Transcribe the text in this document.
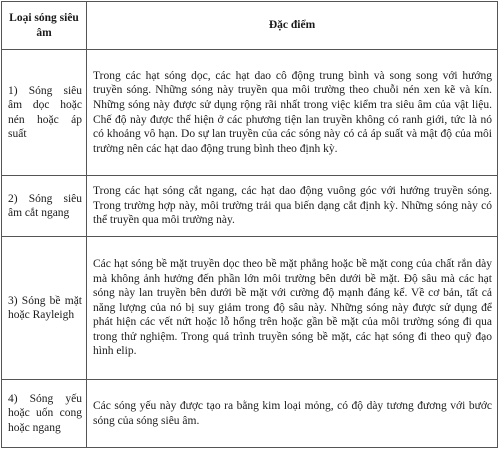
Loại sóng siêu âm	Đặc điểm
1) Sóng siêu âm dọc hoặc nén hoặc áp suất	Trong các hạt sóng dọc, các hạt dao cô động trung bình và song song với hướng truyền sóng. Những sóng này truyền qua môi trường theo chuỗi nén xen kẽ và kín. Những sóng này được sử dụng rộng rãi nhất trong việc kiểm tra siêu âm của vật liệu. Chế độ này được thể hiện ở các phương tiện lan truyền không có ranh giới, tức là nó có khoảng vô hạn. Do sự lan truyền của các sóng này có cả áp suất và mật độ của môi trường nên các hạt dao động trung bình theo định kỳ.
2) Sóng siêu âm cắt ngang	Trong các hạt sóng cắt ngang, các hạt dao động vuông góc với hướng truyền sóng. Trong trường hợp này, môi trường trải qua biến dạng cắt định kỳ. Những sóng này có thể truyền qua môi trường này.
3) Sóng bề mặt hoặc Rayleigh	Các hạt sóng bề mặt truyền dọc theo bề mặt phẳng hoặc bề mặt cong của chất rắn dày mà không ảnh hưởng đến phần lớn môi trường bên dưới bề mặt. Độ sâu mà các hạt sóng này lan truyền bên dưới bề mặt với cường độ mạnh đáng kể. Về cơ bản, tất cả năng lượng của nó bị suy giảm trong độ sâu này. Những sóng này được sử dụng để phát hiện các vết nứt hoặc lỗ hổng trên hoặc gần bề mặt của môi trường sóng đi qua trong thử nghiệm. Trong quá trình truyền sóng bề mặt, các hạt sóng đi theo quỹ đạo hình elip.
4) Sóng yếu hoặc uốn cong hoặc ngang	Các sóng yếu này được tạo ra bằng kim loại mỏng, có độ dày tương đương với bước sóng của sóng siêu âm.
